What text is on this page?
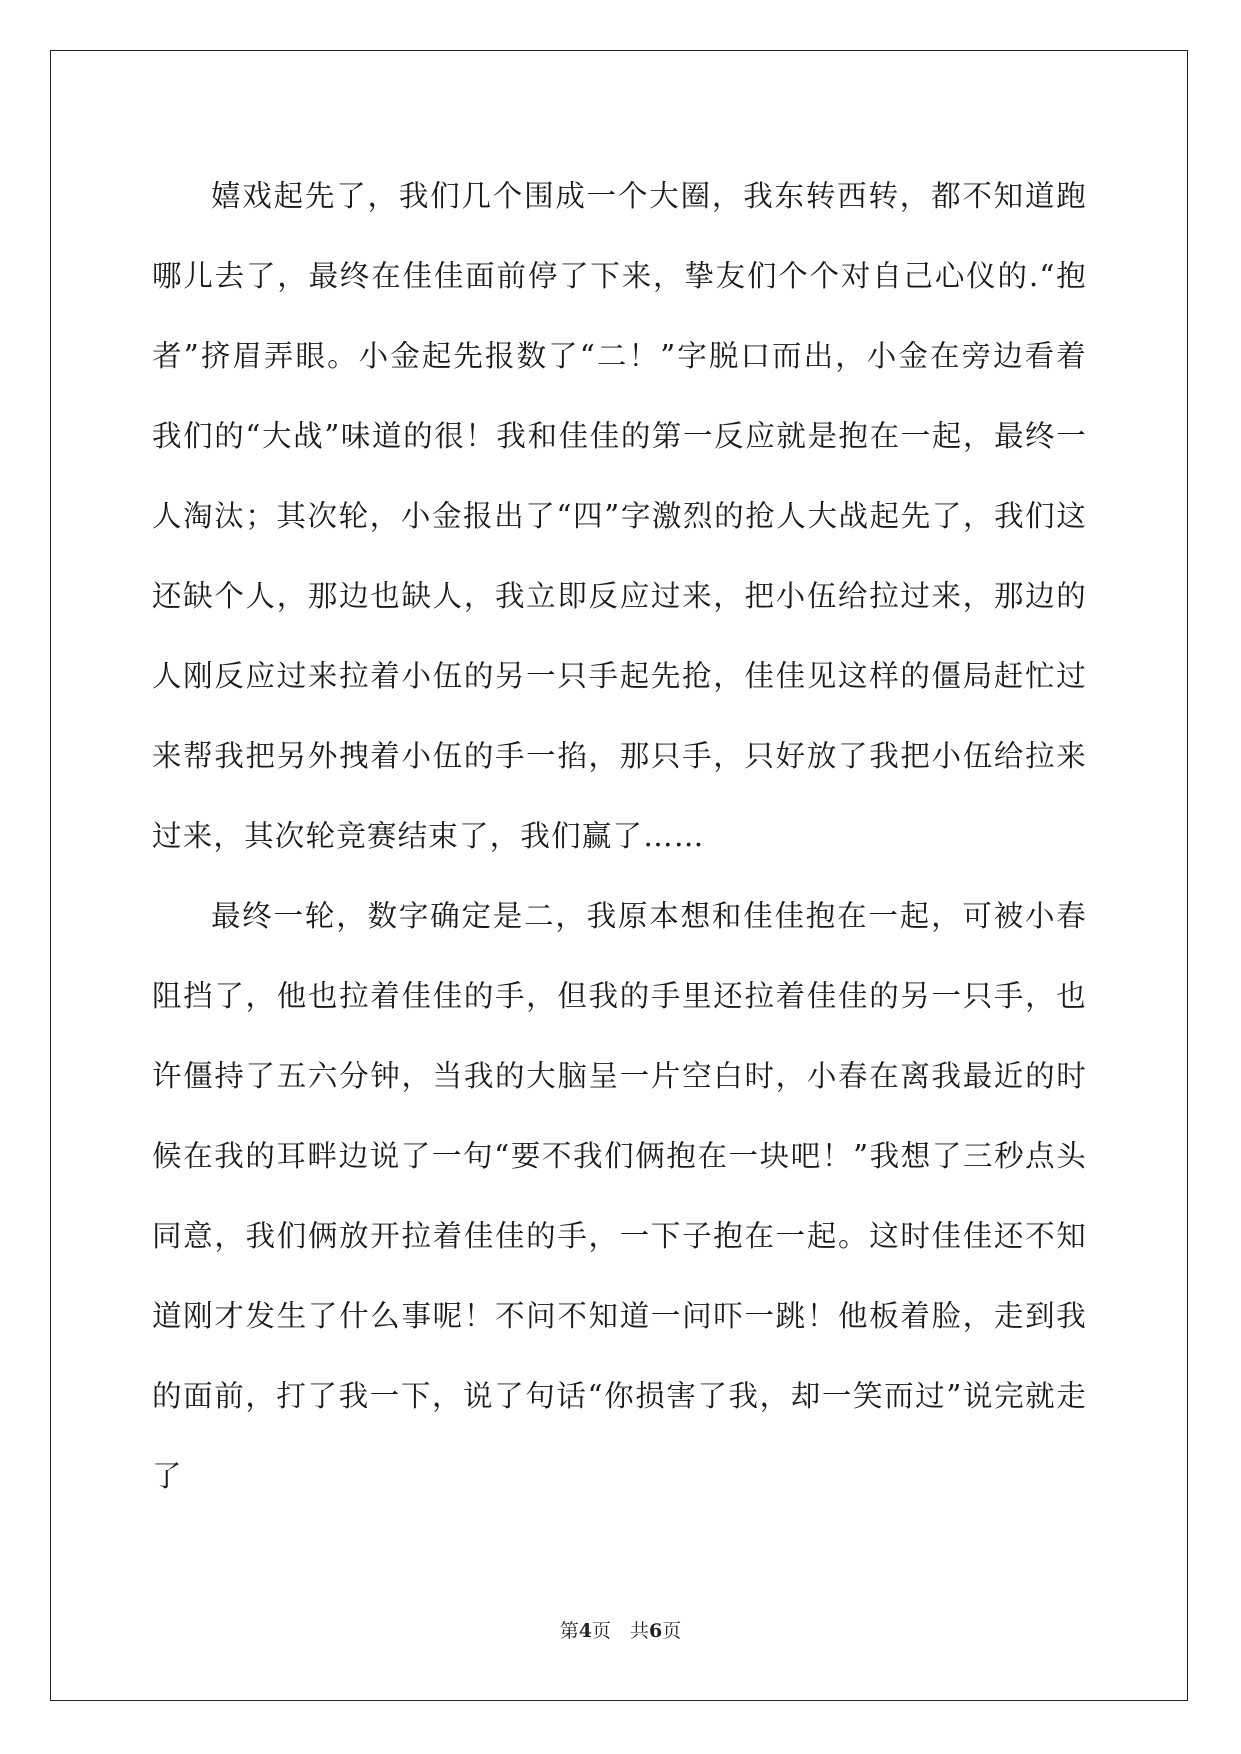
嬉戏起先了，我们几个围成一个大圈，我东转西转，都不知道跑哪儿去了，最终在佳佳面前停了下来，挚友们个个对自己心仪的.“抱者”挤眉弄眼。小金起先报数了“二！”字脱口而出，小金在旁边看着我们的“大战”味道的很！我和佳佳的第一反应就是抱在一起，最终一人淘汰；其次轮，小金报出了“四”字激烈的抢人大战起先了，我们这还缺个人，那边也缺人，我立即反应过来，把小伍给拉过来，那边的人刚反应过来拉着小伍的另一只手起先抢，佳佳见这样的僵局赶忙过来帮我把另外拽着小伍的手一掐，那只手，只好放了我把小伍给拉来过来，其次轮竞赛结束了，我们赢了……

最终一轮，数字确定是二，我原本想和佳佳抱在一起，可被小春阻挡了，他也拉着佳佳的手，但我的手里还拉着佳佳的另一只手，也许僵持了五六分钟，当我的大脑呈一片空白时，小春在离我最近的时候在我的耳畔边说了一句“要不我们俩抱在一块吧！”我想了三秒点头同意，我们俩放开拉着佳佳的手，一下子抱在一起。这时佳佳还不知道刚才发生了什么事呢！不问不知道一问吓一跳！他板着脸，走到我的面前，打了我一下，说了句话“你损害了我，却一笑而过”说完就走了

第4页　共6页
